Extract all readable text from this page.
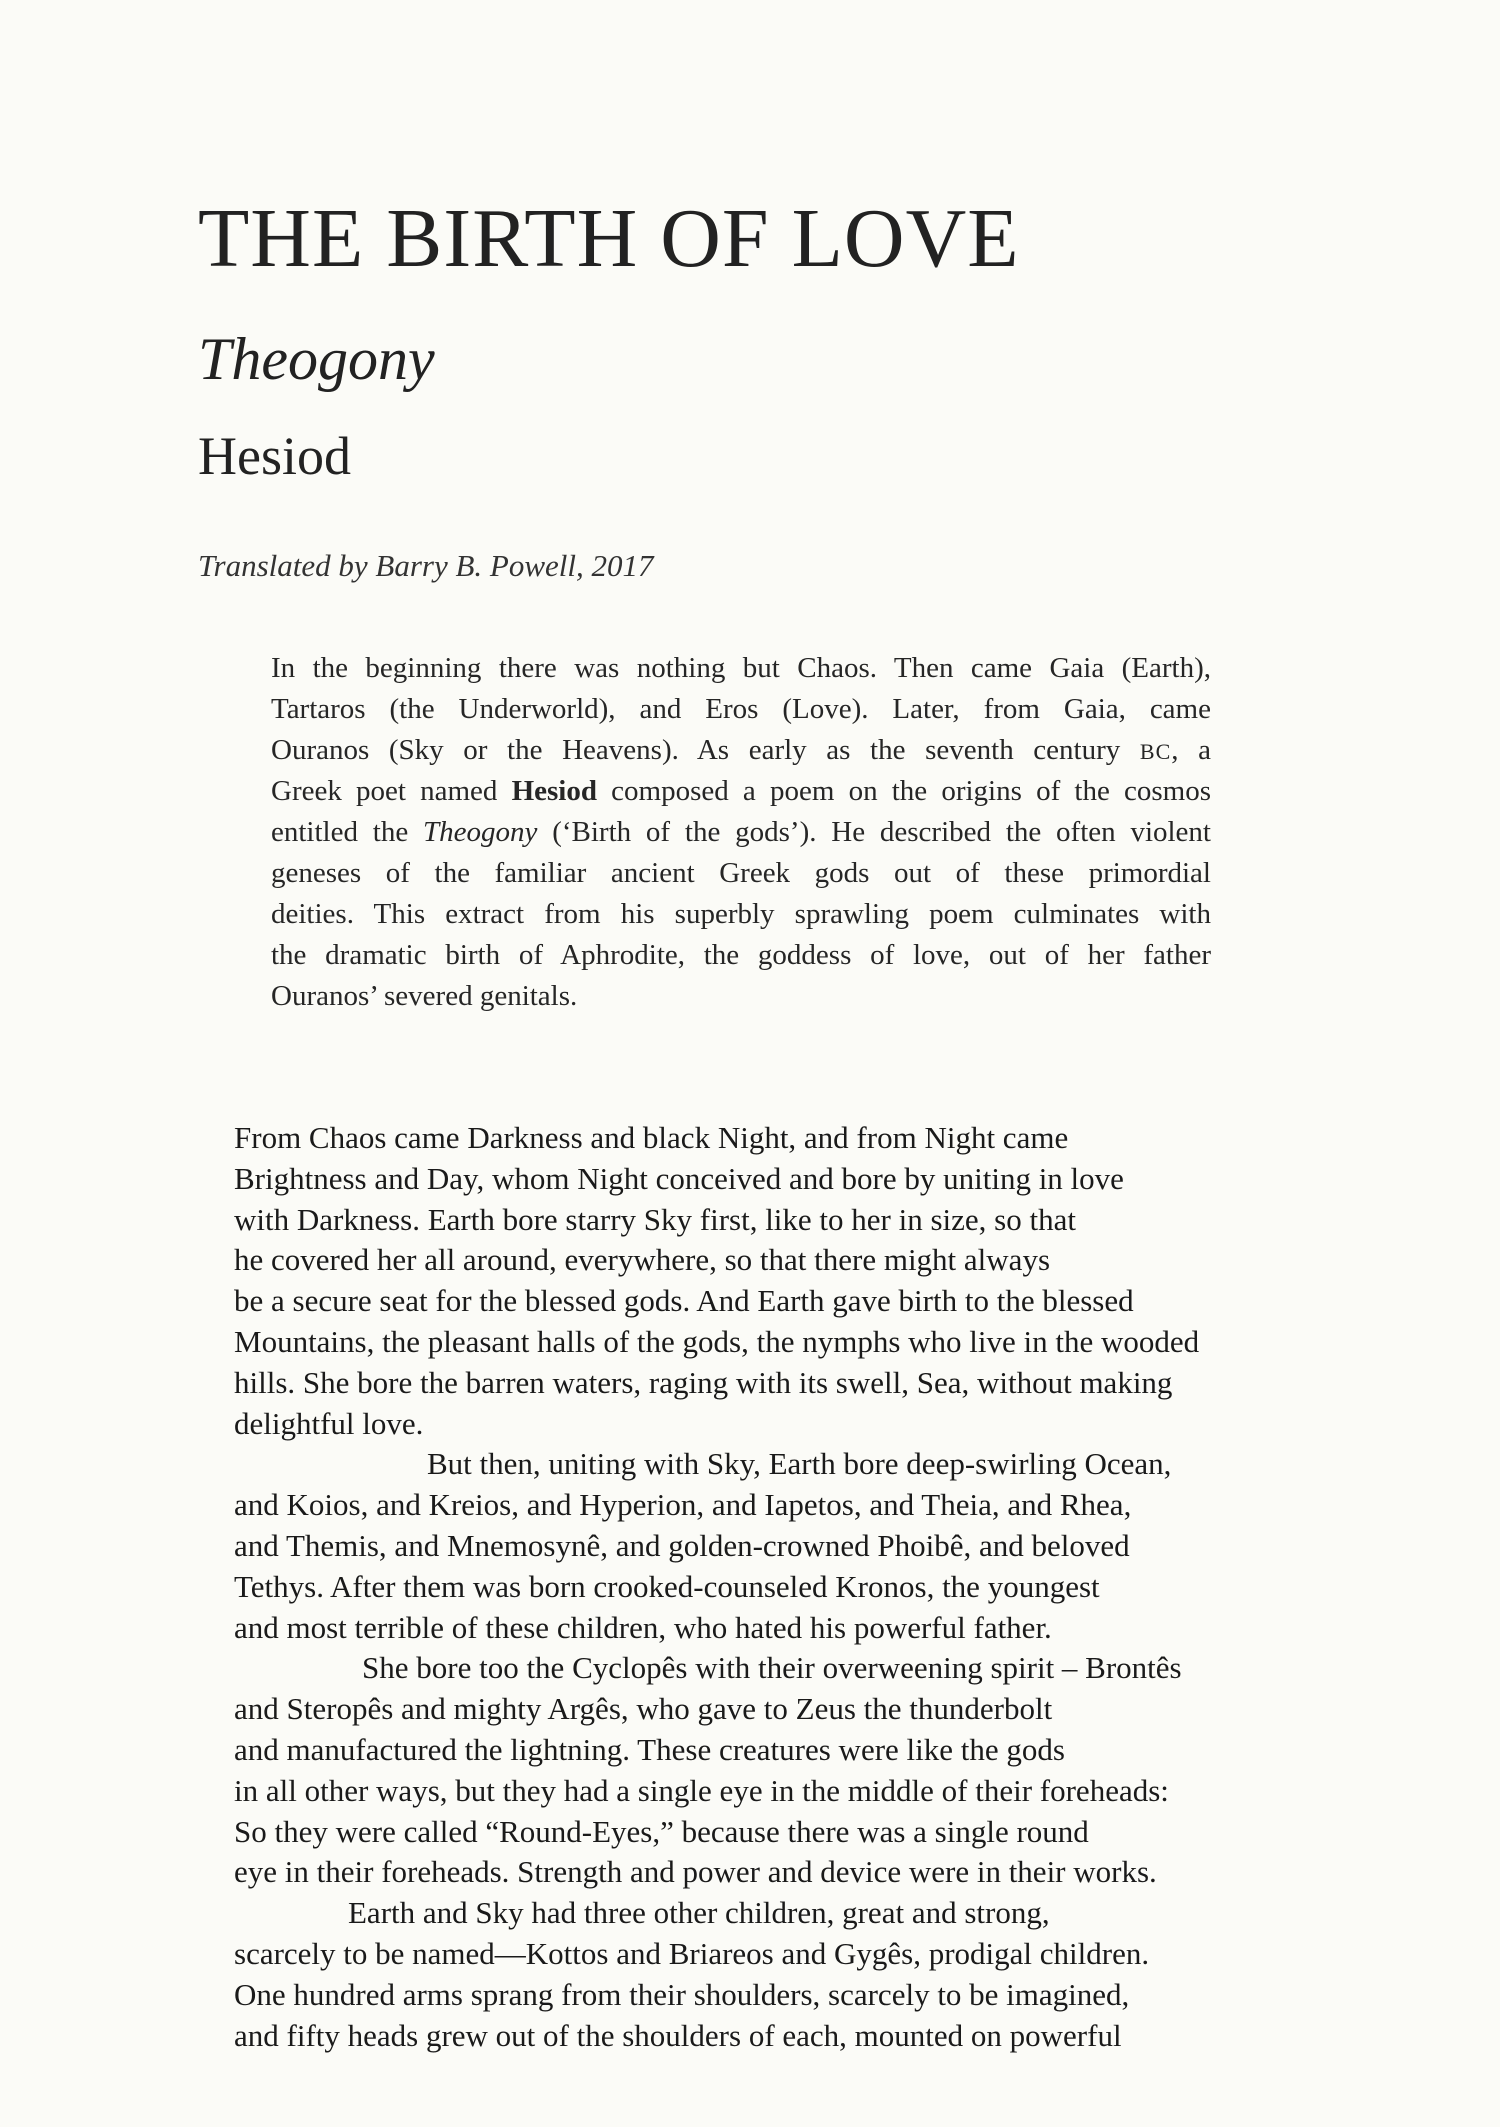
THE BIRTH OF LOVE
Theogony
Hesiod

Translated by Barry B. Powell, 2017

In the beginning there was nothing but Chaos. Then came Gaia (Earth),
Tartaros (the Underworld), and Eros (Love). Later, from Gaia, came
Ouranos (Sky or the Heavens). As early as the seventh century BC, a
Greek poet named Hesiod composed a poem on the origins of the cosmos
entitled the Theogony (‘Birth of the gods’). He described the often violent
geneses of the familiar ancient Greek gods out of these primordial
deities. This extract from his superbly sprawling poem culminates with
the dramatic birth of Aphrodite, the goddess of love, out of her father
Ouranos’ severed genitals.
From Chaos came Darkness and black Night, and from Night came
Brightness and Day, whom Night conceived and bore by uniting in love
with Darkness. Earth bore starry Sky first, like to her in size, so that
he covered her all around, everywhere, so that there might always
be a secure seat for the blessed gods. And Earth gave birth to the blessed
Mountains, the pleasant halls of the gods, the nymphs who live in the wooded
hills. She bore the barren waters, raging with its swell, Sea, without making
delightful love.
But then, uniting with Sky, Earth bore deep-swirling Ocean,
and Koios, and Kreios, and Hyperion, and Iapetos, and Theia, and Rhea,
and Themis, and Mnemosynê, and golden-crowned Phoibê, and beloved
Tethys. After them was born crooked-counseled Kronos, the youngest
and most terrible of these children, who hated his powerful father.
She bore too the Cyclopês with their overweening spirit – Brontês
and Steropês and mighty Argês, who gave to Zeus the thunderbolt
and manufactured the lightning. These creatures were like the gods
in all other ways, but they had a single eye in the middle of their foreheads:
So they were called “Round-Eyes,” because there was a single round
eye in their foreheads. Strength and power and device were in their works.
Earth and Sky had three other children, great and strong,
scarcely to be named—Kottos and Briareos and Gygês, prodigal children.
One hundred arms sprang from their shoulders, scarcely to be imagined,
and fifty heads grew out of the shoulders of each, mounted on powerful
